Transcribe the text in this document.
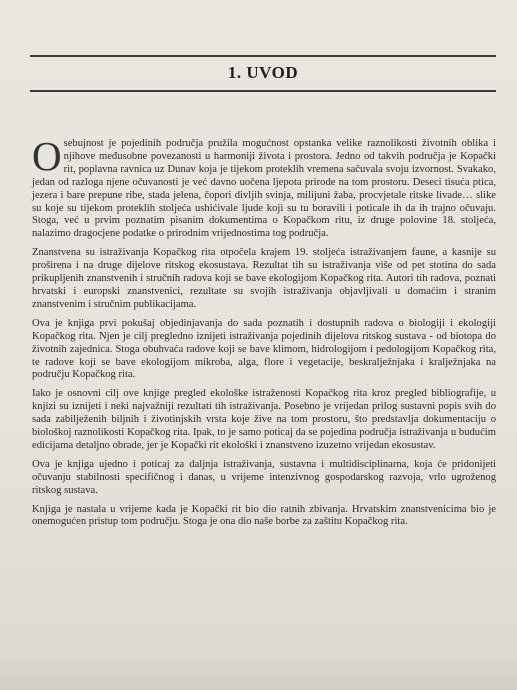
1. UVOD

Osebujnost je pojedinih područja pružila mogućnost opstanka velike raznolikosti životnih oblika i njihove međusobne povezanosti u harmoniji života i prostora. Jedno od takvih područja je Kopački rit, poplavna ravnica uz Dunav koja je tijekom proteklih vremena sačuvala svoju izvornost. Svakako, jedan od razloga njene očuvanosti je već davno uočena ljepota prirode na tom prostoru. Deseci tisuća ptica, jezera i bare prepune ribe, stada jelena, čopori divljih svinja, milijuni žaba, procvjetale ritske livade… slike su koje su tijekom proteklih stoljeća ushićivale ljude koji su tu boravili i poticale ih da ih trajno očuvaju. Stoga, već u prvim poznatim pisanim dokumentima o Kopačkom ritu, iz druge polovine 18. stoljeća, nalazimo dragocjene podatke o prirodnim vrijednostima tog područja.

Znanstvena su istraživanja Kopačkog rita otpočela krajem 19. stoljeća istraživanjem faune, a kasnije su proširena i na druge dijelove ritskog ekosustava. Rezultat tih su istraživanja više od pet stotina do sada prikupljenih znanstvenih i stručnih radova koji se bave ekologijom Kopačkog rita. Autori tih radova, poznati hrvatski i europski znanstvenici, rezultate su svojih istraživanja objavljivali u domaćim i stranim znanstvenim i stručnim publikacijama.

Ova je knjiga prvi pokušaj objedinjavanja do sada poznatih i dostupnih radova o biologiji i ekologiji Kopačkog rita. Njen je cilj pregledno iznijeti istraživanja pojedinih dijelova ritskog sustava - od biotopa do životnih zajednica. Stoga obuhvaća radove koji se bave klimom, hidrologijom i pedologijom Kopačkog rita, te radove koji se bave ekologijom mikroba, alga, flore i vegetacije, beskralježnjaka i kralježnjaka na području Kopačkog rita.

Iako je osnovni cilj ove knjige pregled ekološke istraženosti Kopačkog rita kroz pregled bibliografije, u knjizi su iznijeti i neki najvažniji rezultati tih istraživanja. Posebno je vrijedan prilog sustavni popis svih do sada zabilježenih biljnih i životinjskih vrsta koje žive na tom prostoru, što predstavlja dokumentaciju o biološkoj raznolikosti Kopačkog rita. Ipak, to je samo poticaj da se pojedina područja istraživanja u budućim edicijama detaljno obrade, jer je Kopački rit ekološki i znanstveno izuzetno vrijedan ekosustav.

Ova je knjiga ujedno i poticaj za daljnja istraživanja, sustavna i multidisciplinarna, koja će pridonijeti očuvanju stabilnosti specifičnog i danas, u vrijeme intenzivnog gospodarskog razvoja, vrlo ugroženog ritskog sustava.

Knjiga je nastala u vrijeme kada je Kopački rit bio dio ratnih zbivanja. Hrvatskim znanstvenicima bio je onemogućen pristup tom području. Stoga je ona dio naše borbe za zaštitu Kopačkog rita.
